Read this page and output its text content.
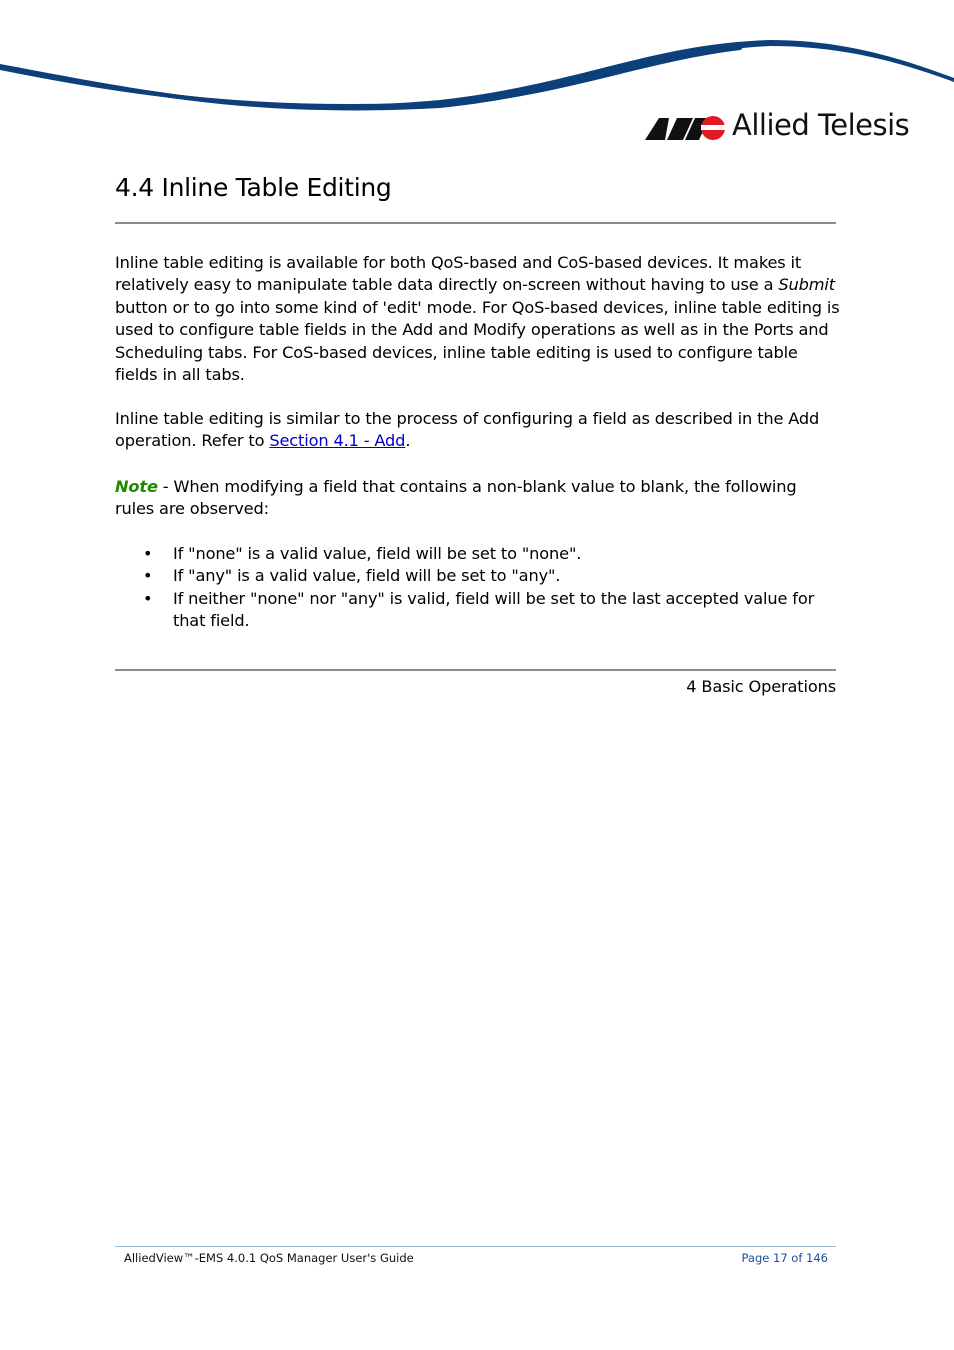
Allied Telesis
4.4 Inline Table Editing

Inline table editing is available for both QoS-based and CoS-based devices. It makes it relatively easy to manipulate table data directly on-screen without having to use a Submit button or to go into some kind of 'edit' mode. For QoS-based devices, inline table editing is used to configure table fields in the Add and Modify operations as well as in the Ports and Scheduling tabs. For CoS-based devices, inline table editing is used to configure table fields in all tabs.

Inline table editing is similar to the process of configuring a field as described in the Add operation. Refer to Section 4.1 - Add.

Note - When modifying a field that contains a non-blank value to blank, the following rules are observed:

• If "none" is a valid value, field will be set to "none".
• If "any" is a valid value, field will be set to "any".
• If neither "none" nor "any" is valid, field will be set to the last accepted value for that field.
4 Basic Operations
AlliedView™-EMS 4.0.1 QoS Manager User's Guide	Page 17 of 146
